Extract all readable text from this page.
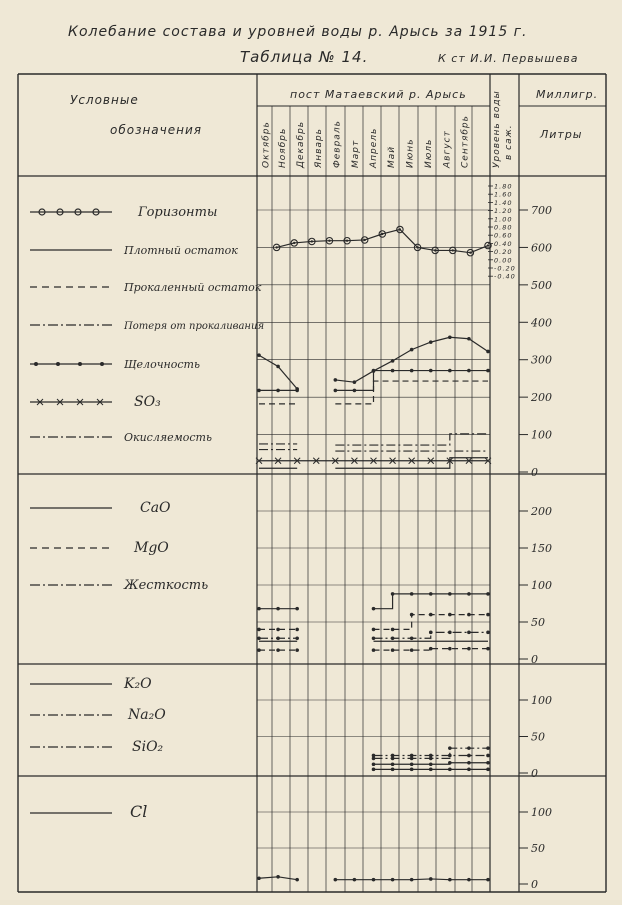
Колебание состава и уровней воды р. Арысь за 1915 г.
Таблица № 14.	К ст И.И. Первышева
Условные
обозначения
пост Матаевский р. Арысь	Миллигр.
Литры
Уровень воды в саж.
Октябрь Ноябрь Декабрь Январь Февраль Март Апрель Май Июнь Июль Август Сентябрь
Горизонты
Плотный остаток
Прокаленный остаток
Потеря от прокаливания
Щелочность
SO₃
Окисляемость
CaO
MgO
Жесткость
K₂O
Na₂O
SiO₂
Cl
1.80
1.60
1.40
1.20
1.00
0.80
0.60
0.40
0.20
0.00
-0.20
-0.40
700
600
500
400
300
200
100
0
200
150
100
50
0
100
50
0
100
50
0
